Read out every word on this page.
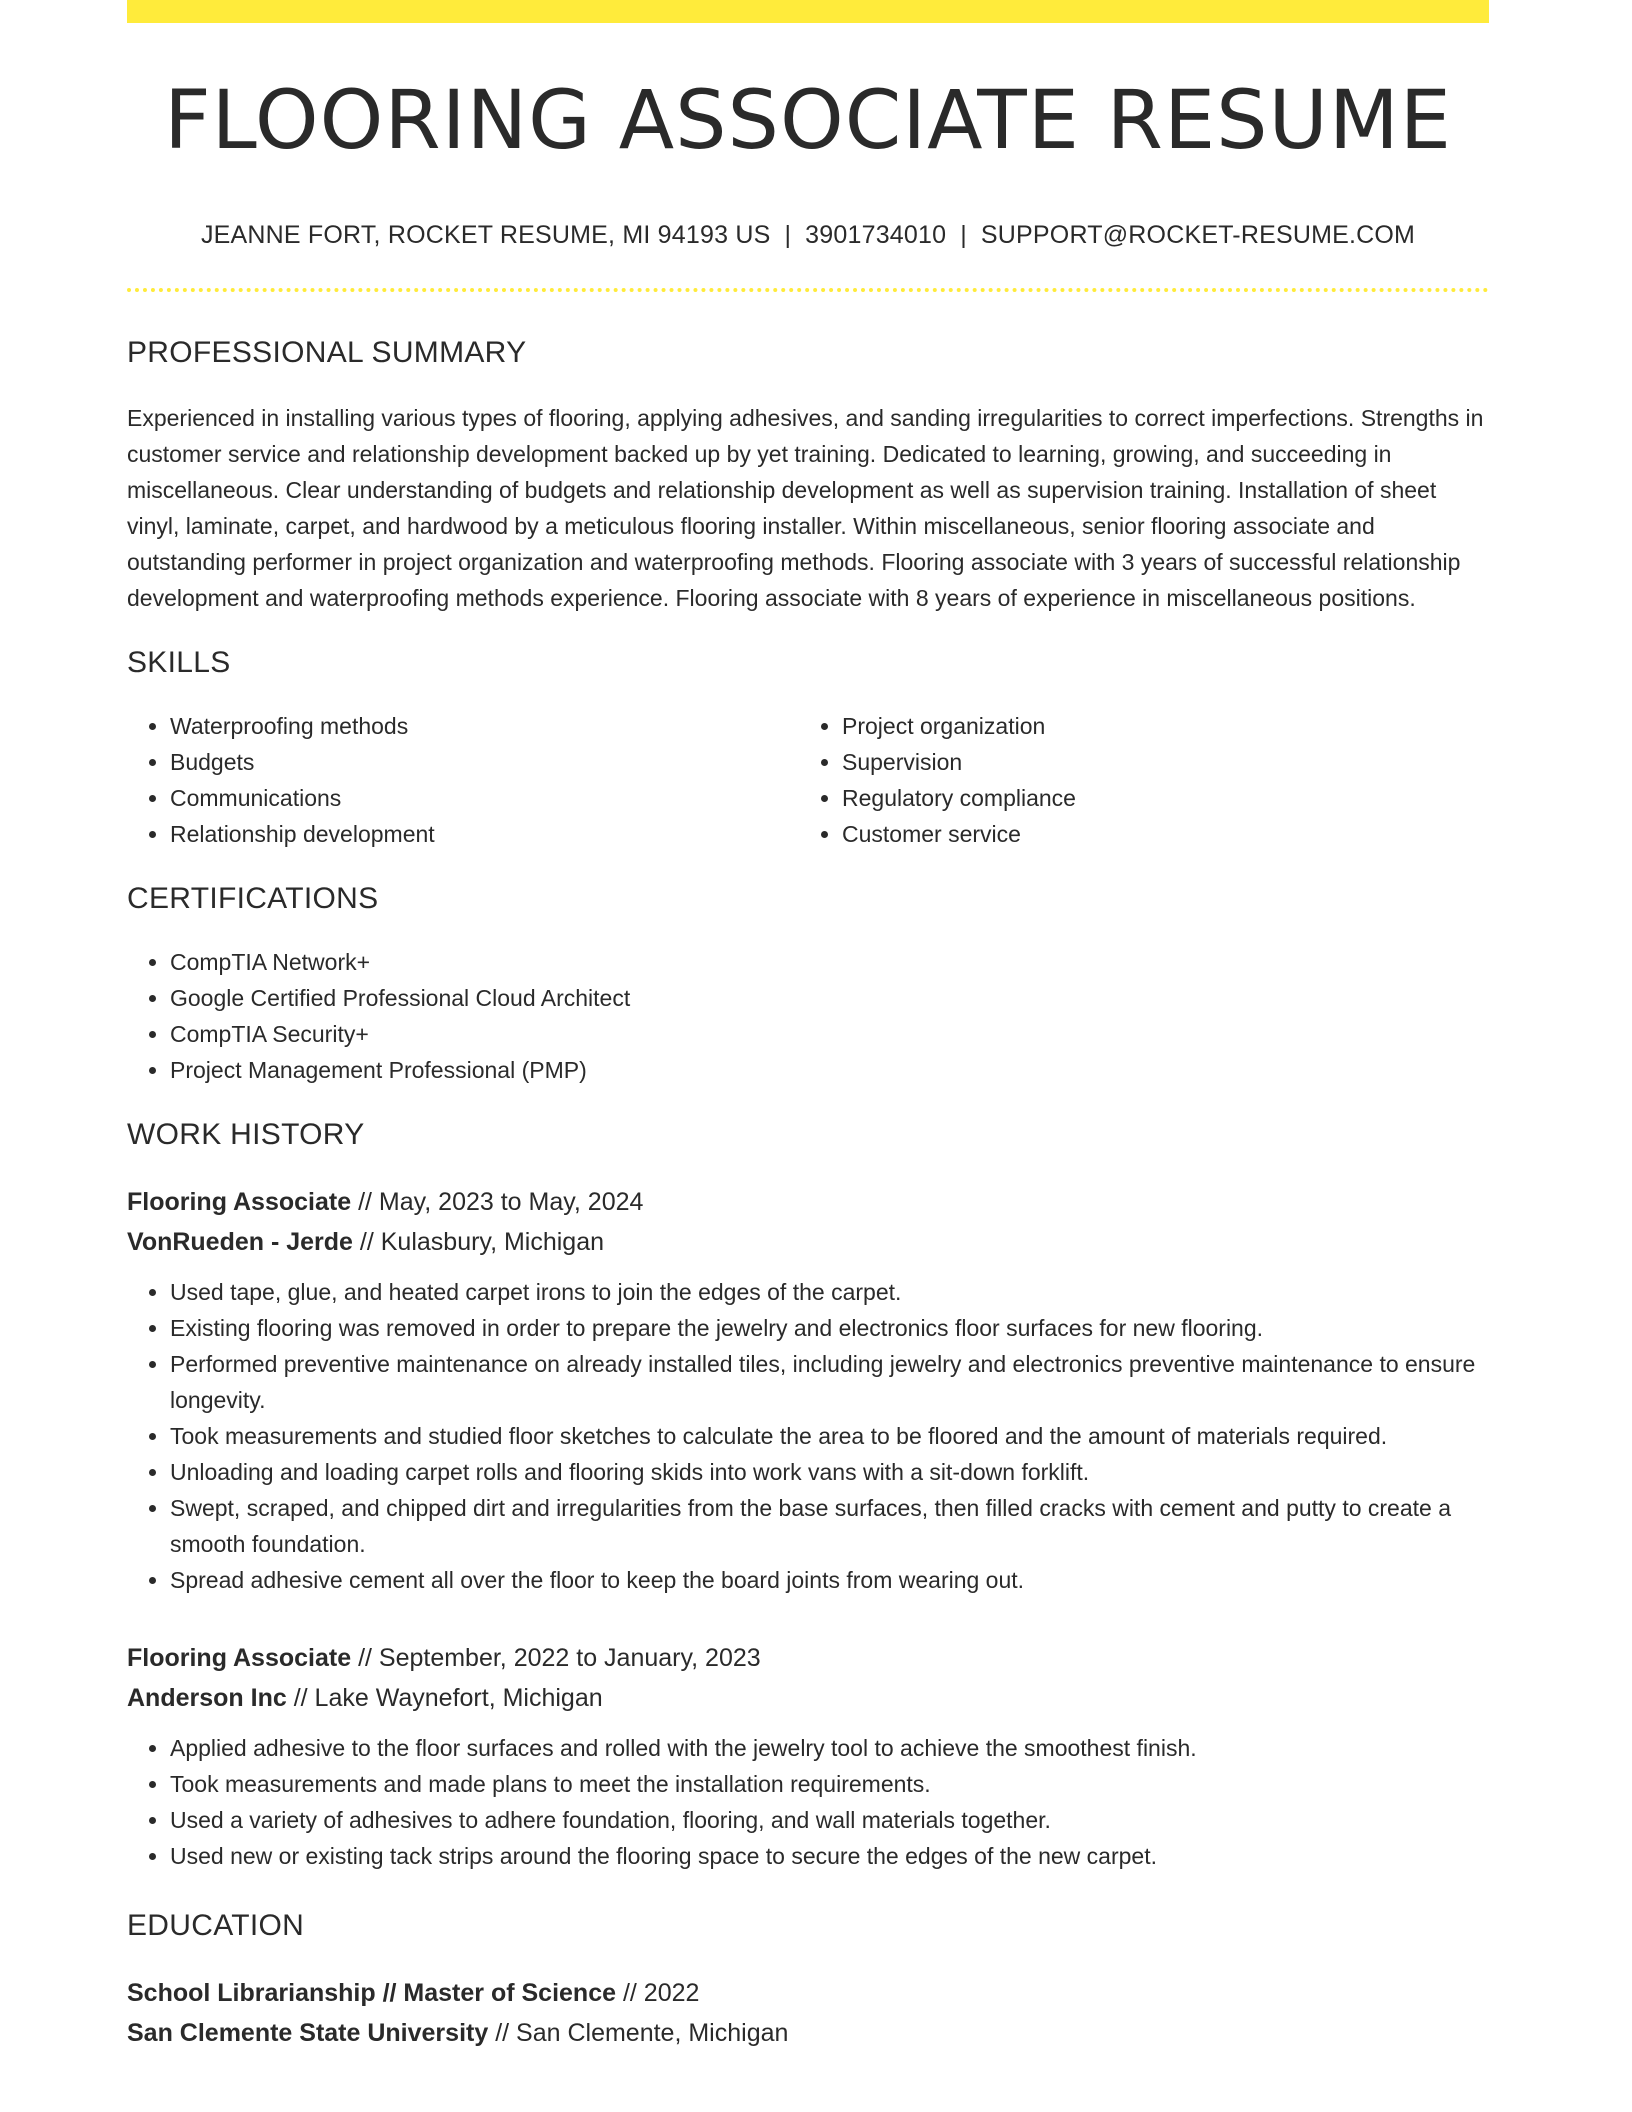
FLOORING ASSOCIATE RESUME
JEANNE FORT, ROCKET RESUME, MI 94193 US | 3901734010 | SUPPORT@ROCKET-RESUME.COM
PROFESSIONAL SUMMARY

Experienced in installing various types of flooring, applying adhesives, and sanding irregularities to correct imperfections. Strengths in customer service and relationship development backed up by yet training. Dedicated to learning, growing, and succeeding in miscellaneous. Clear understanding of budgets and relationship development as well as supervision training. Installation of sheet vinyl, laminate, carpet, and hardwood by a meticulous flooring installer. Within miscellaneous, senior flooring associate and outstanding performer in project organization and waterproofing methods. Flooring associate with 3 years of successful relationship development and waterproofing methods experience. Flooring associate with 8 years of experience in miscellaneous positions.

SKILLS
• Waterproofing methods
• Budgets
• Communications
• Relationship development
• Project organization
• Supervision
• Regulatory compliance
• Customer service
CERTIFICATIONS
• CompTIA Network+
• Google Certified Professional Cloud Architect
• CompTIA Security+
• Project Management Professional (PMP)
WORK HISTORY
Flooring Associate // May, 2023 to May, 2024
VonRueden - Jerde // Kulasbury, Michigan
• Used tape, glue, and heated carpet irons to join the edges of the carpet.
• Existing flooring was removed in order to prepare the jewelry and electronics floor surfaces for new flooring.
• Performed preventive maintenance on already installed tiles, including jewelry and electronics preventive maintenance to ensure longevity.
• Took measurements and studied floor sketches to calculate the area to be floored and the amount of materials required.
• Unloading and loading carpet rolls and flooring skids into work vans with a sit-down forklift.
• Swept, scraped, and chipped dirt and irregularities from the base surfaces, then filled cracks with cement and putty to create a smooth foundation.
• Spread adhesive cement all over the floor to keep the board joints from wearing out.
Flooring Associate // September, 2022 to January, 2023
Anderson Inc // Lake Waynefort, Michigan
• Applied adhesive to the floor surfaces and rolled with the jewelry tool to achieve the smoothest finish.
• Took measurements and made plans to meet the installation requirements.
• Used a variety of adhesives to adhere foundation, flooring, and wall materials together.
• Used new or existing tack strips around the flooring space to secure the edges of the new carpet.
EDUCATION
School Librarianship // Master of Science // 2022
San Clemente State University // San Clemente, Michigan
